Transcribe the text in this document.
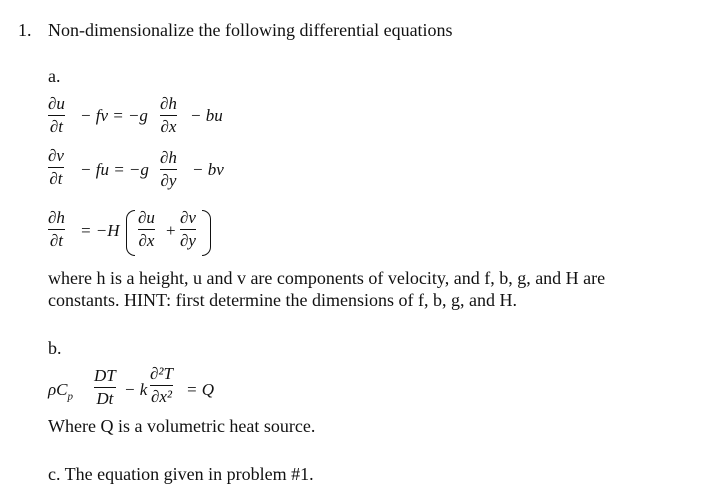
1. Non-dimensionalize the following differential equations
a.
∂u
∂t
− fv = −g
∂h
∂x
− bu
∂v
∂t − fu = −g
∂h
∂y
− bv
∂h
∂t
= −H
∂u
∂x
+
∂v
∂y
where h is a height, u and v are components of velocity, and f, b, g, and H are
constants. HINT: first determine the dimensions of f, b, g, and H.
b.
$\rho C_p$
DT
Dt − k
∂²T
∂x² = Q
Where Q is a volumetric heat source.
c. The equation given in problem #1.
